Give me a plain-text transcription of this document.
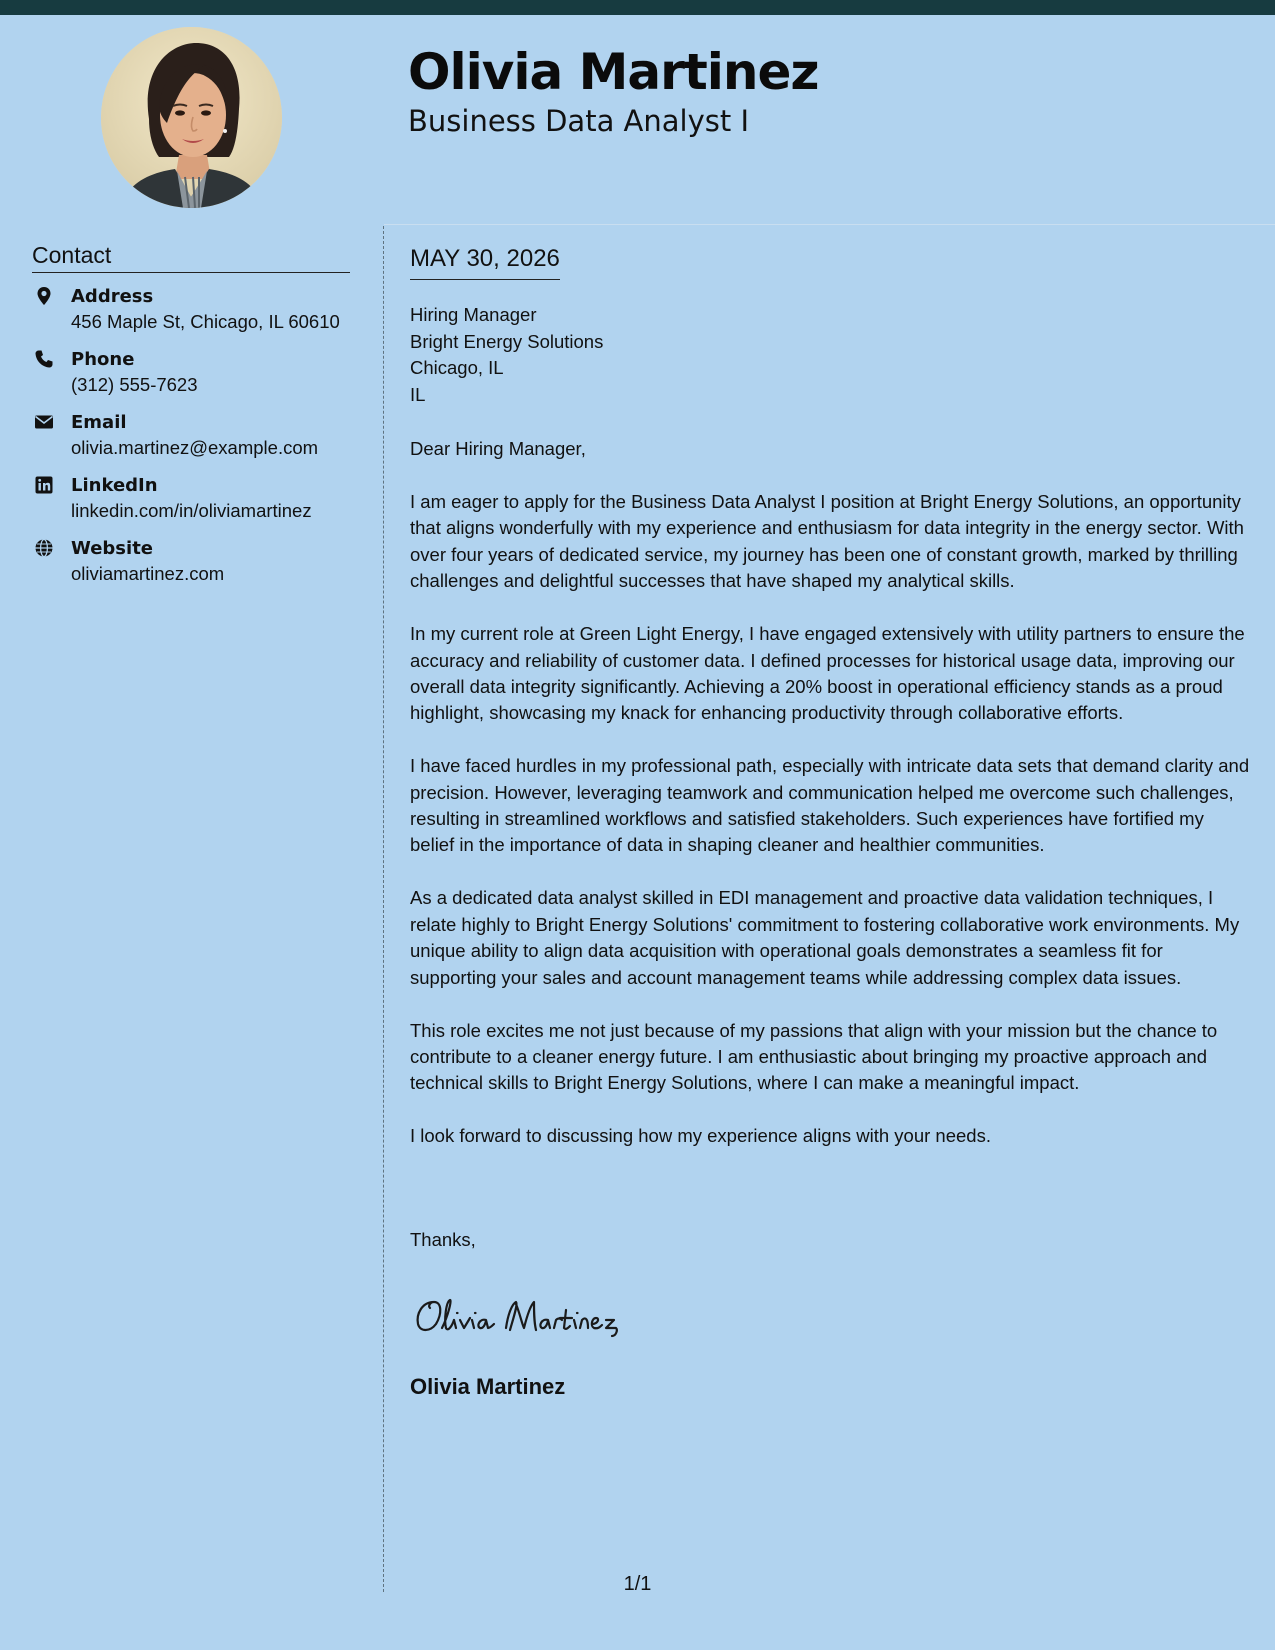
Olivia Martinez
Business Data Analyst I
Contact
Address
456 Maple St, Chicago, IL 60610
Phone
(312) 555-7623
Email
olivia.martinez@example.com
LinkedIn
linkedin.com/in/oliviamartinez
Website
oliviamartinez.com
MAY 30, 2026
Hiring Manager
Bright Energy Solutions
Chicago, IL
IL
Dear Hiring Manager,

I am eager to apply for the Business Data Analyst I position at Bright Energy Solutions, an opportunity that aligns wonderfully with my experience and enthusiasm for data integrity in the energy sector. With over four years of dedicated service, my journey has been one of constant growth, marked by thrilling challenges and delightful successes that have shaped my analytical skills.

In my current role at Green Light Energy, I have engaged extensively with utility partners to ensure the accuracy and reliability of customer data. I defined processes for historical usage data, improving our overall data integrity significantly. Achieving a 20% boost in operational efficiency stands as a proud highlight, showcasing my knack for enhancing productivity through collaborative efforts.

I have faced hurdles in my professional path, especially with intricate data sets that demand clarity and precision. However, leveraging teamwork and communication helped me overcome such challenges, resulting in streamlined workflows and satisfied stakeholders. Such experiences have fortified my belief in the importance of data in shaping cleaner and healthier communities.

As a dedicated data analyst skilled in EDI management and proactive data validation techniques, I relate highly to Bright Energy Solutions' commitment to fostering collaborative work environments. My unique ability to align data acquisition with operational goals demonstrates a seamless fit for supporting your sales and account management teams while addressing complex data issues.

This role excites me not just because of my passions that align with your mission but the chance to contribute to a cleaner energy future. I am enthusiastic about bringing my proactive approach and technical skills to Bright Energy Solutions, where I can make a meaningful impact.

I look forward to discussing how my experience aligns with your needs.

Thanks,
Olivia Martinez
1/1
